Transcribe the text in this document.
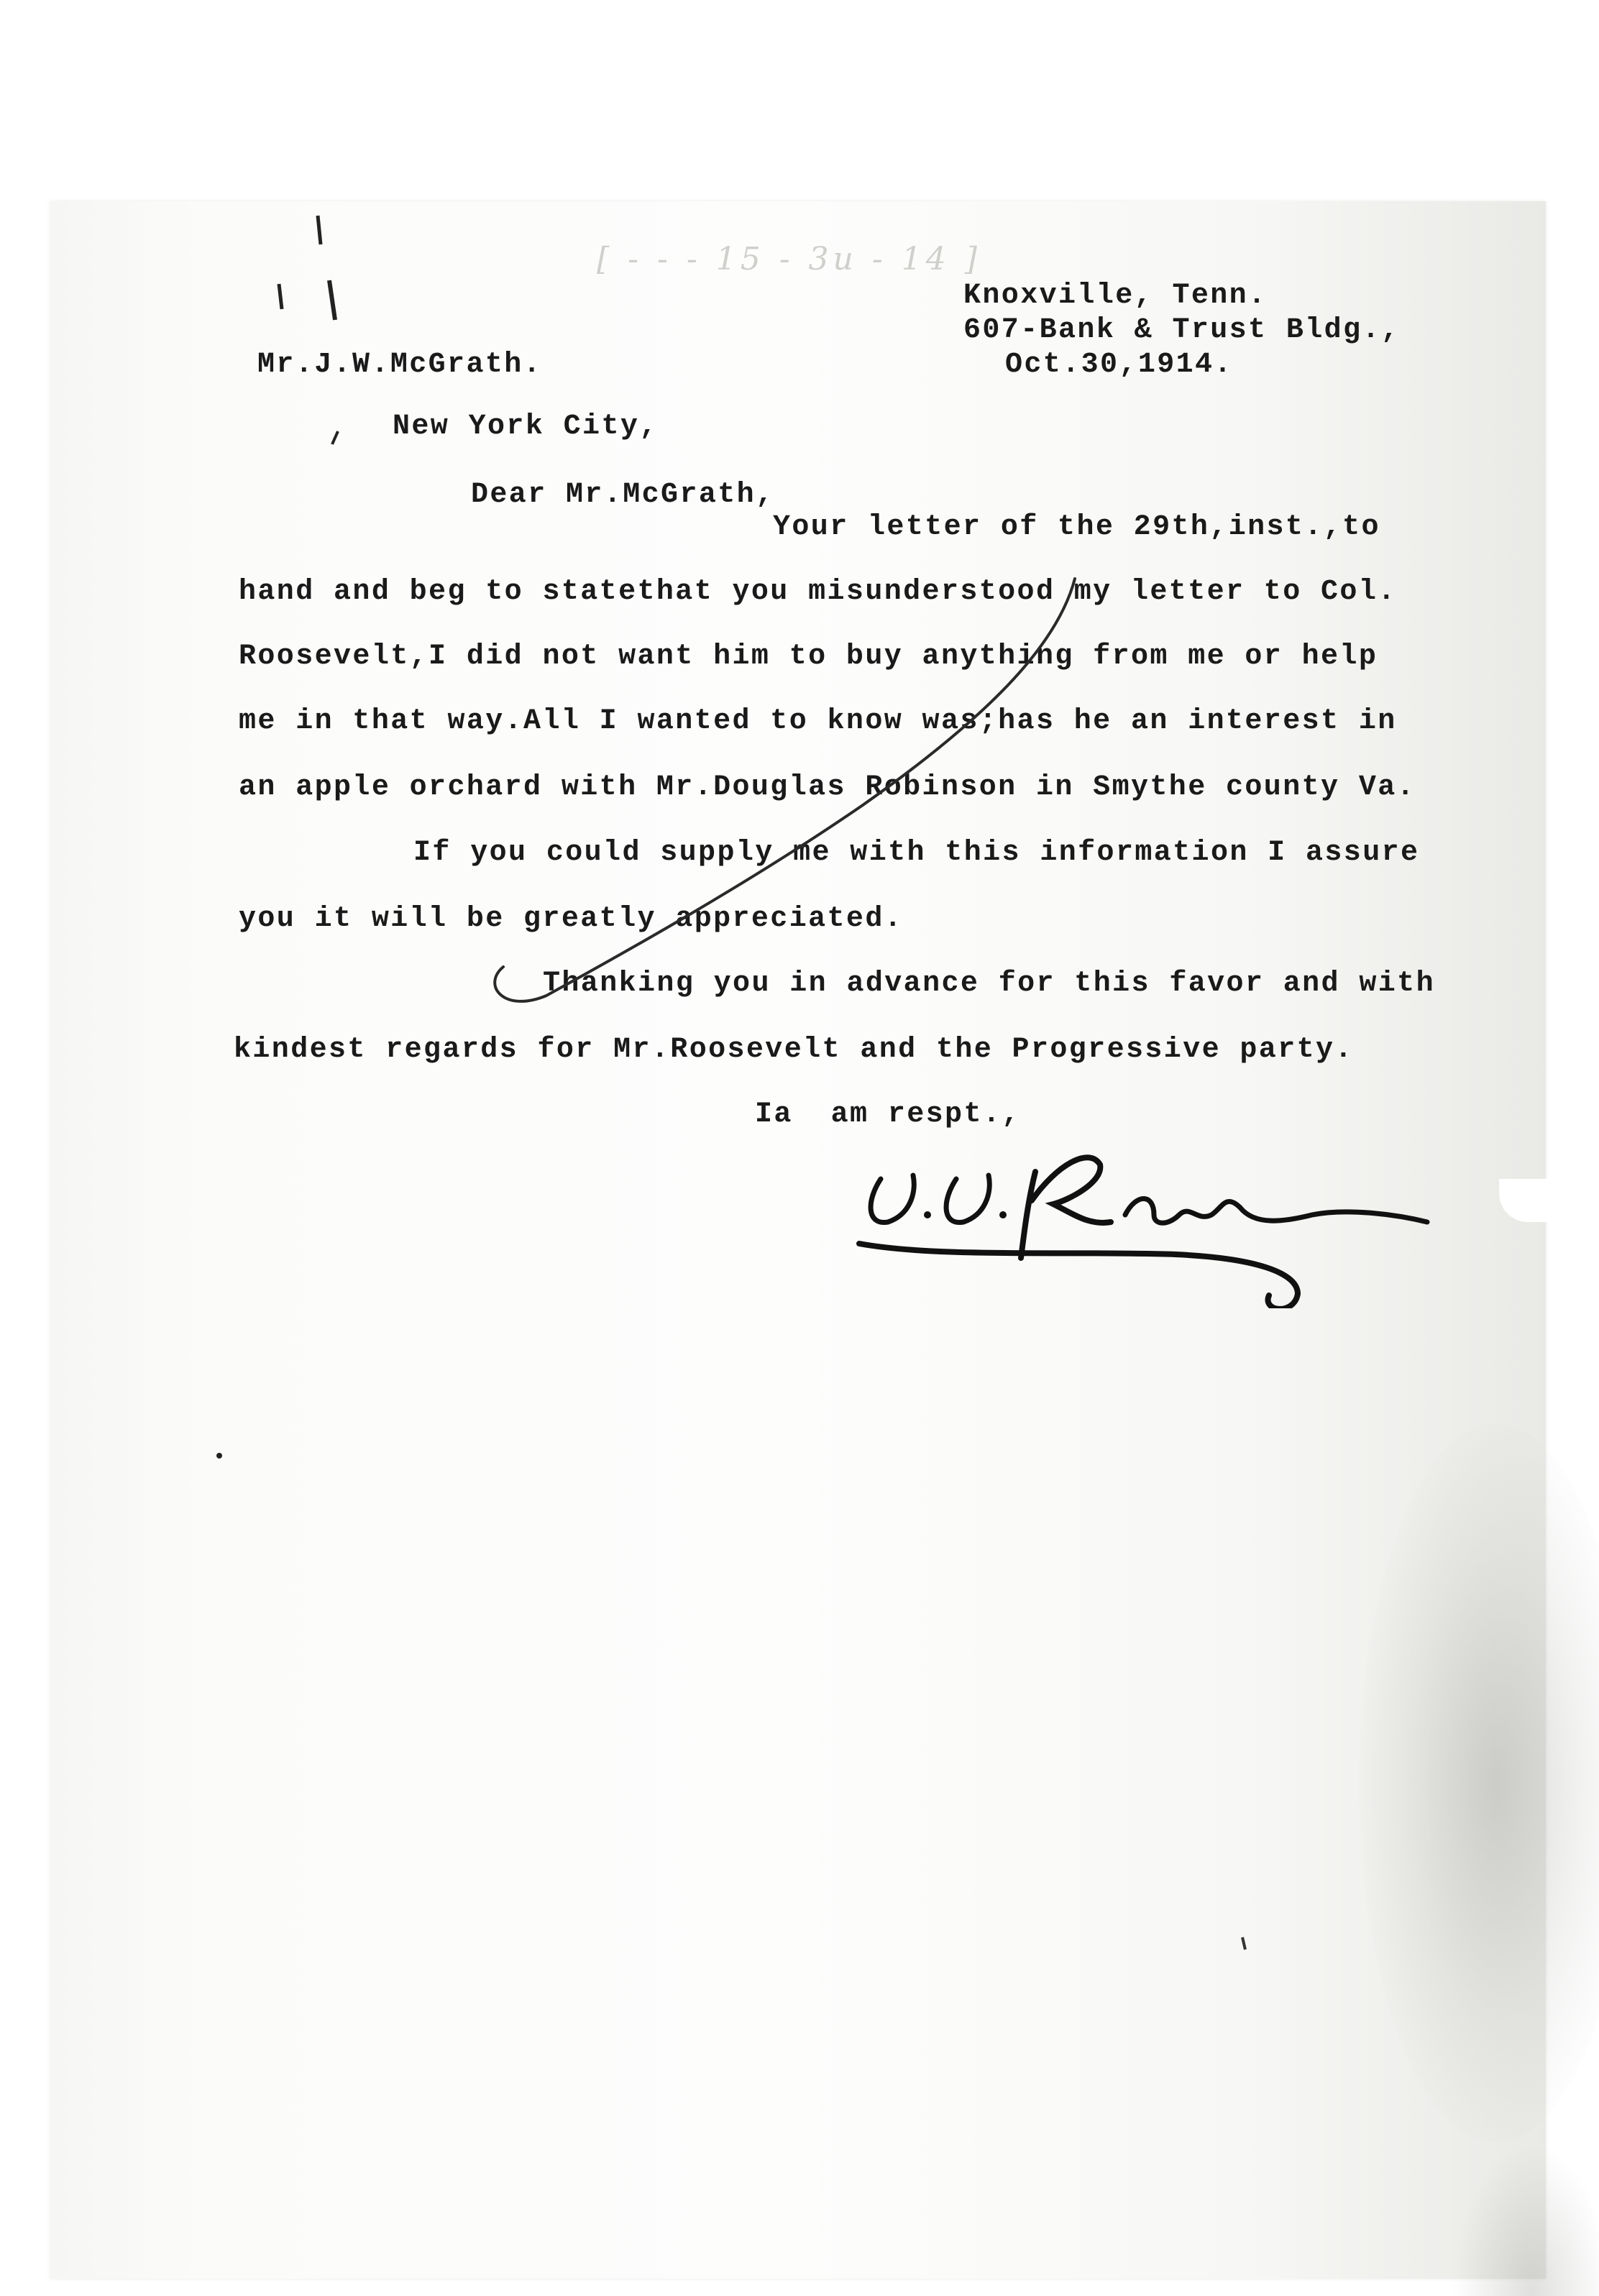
[ - - - 15 - 3u - 14 ]
Knoxville, Tenn.
607-Bank & Trust Bldg.,
Oct.30,1914.
Mr.J.W.McGrath.
New York City,
Dear Mr.McGrath,
Your letter of the 29th,inst.,to
hand and beg to statethat you misunderstood my letter to Col.
Roosevelt,I did not want him to buy anything from me or help
me in that way.All I wanted to know was;has he an interest in
an apple orchard with Mr.Douglas Robinson in Smythe county Va.
If you could supply me with this information I assure
you it will be greatly appreciated.
Thanking you in advance for this favor and with
kindest regards for Mr.Roosevelt and the Progressive party.
Ia  am respt.,
